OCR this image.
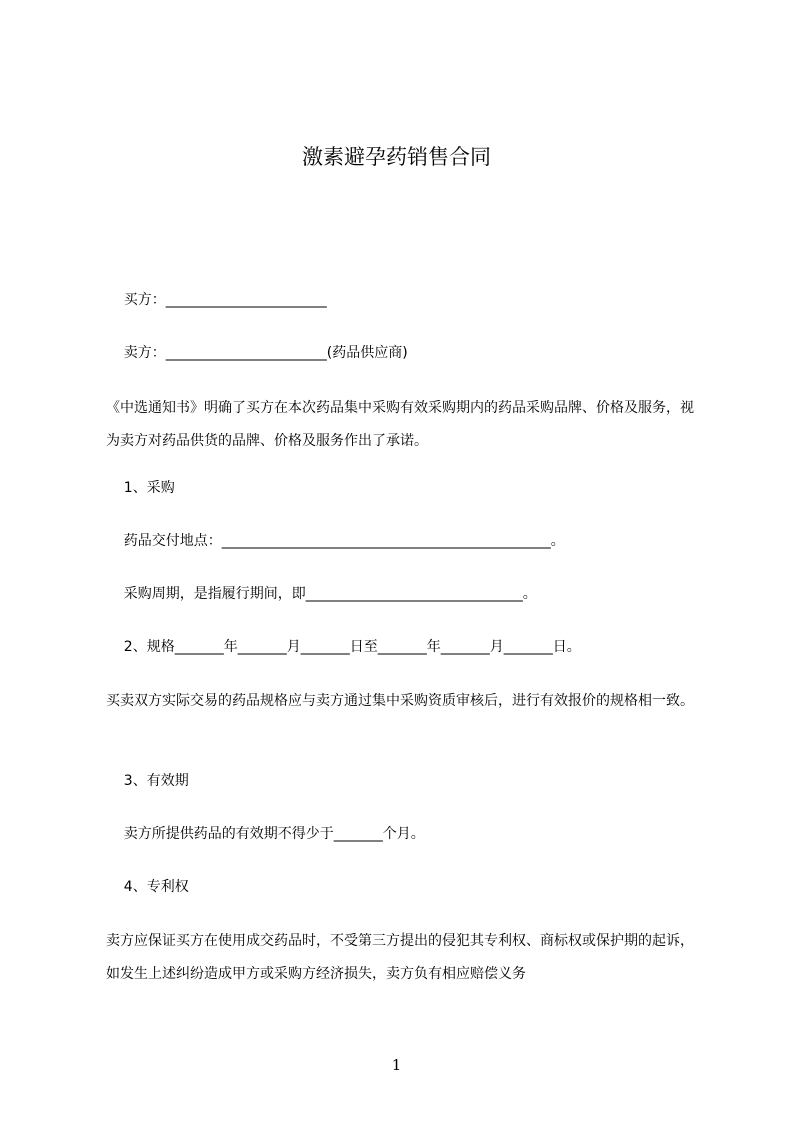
激素避孕药销售合同
买方：_______________________
卖方：_______________________(药品供应商)
《中选通知书》明确了买方在本次药品集中采购有效采购期内的药品采购品牌、价格及服务，视为卖方对药品供货的品牌、价格及服务作出了承诺。
1、采购
药品交付地点：_______________________________________________。
采购周期，是指履行期间，即_______________________________。
2、规格_______年_______月_______日至_______年_______月_______日。
买卖双方实际交易的药品规格应与卖方通过集中采购资质审核后，进行有效报价的规格相一致。
3、有效期
卖方所提供药品的有效期不得少于_______个月。
4、专利权
卖方应保证买方在使用成交药品时，不受第三方提出的侵犯其专利权、商标权或保护期的起诉，如发生上述纠纷造成甲方或采购方经济损失，卖方负有相应赔偿义务
1
